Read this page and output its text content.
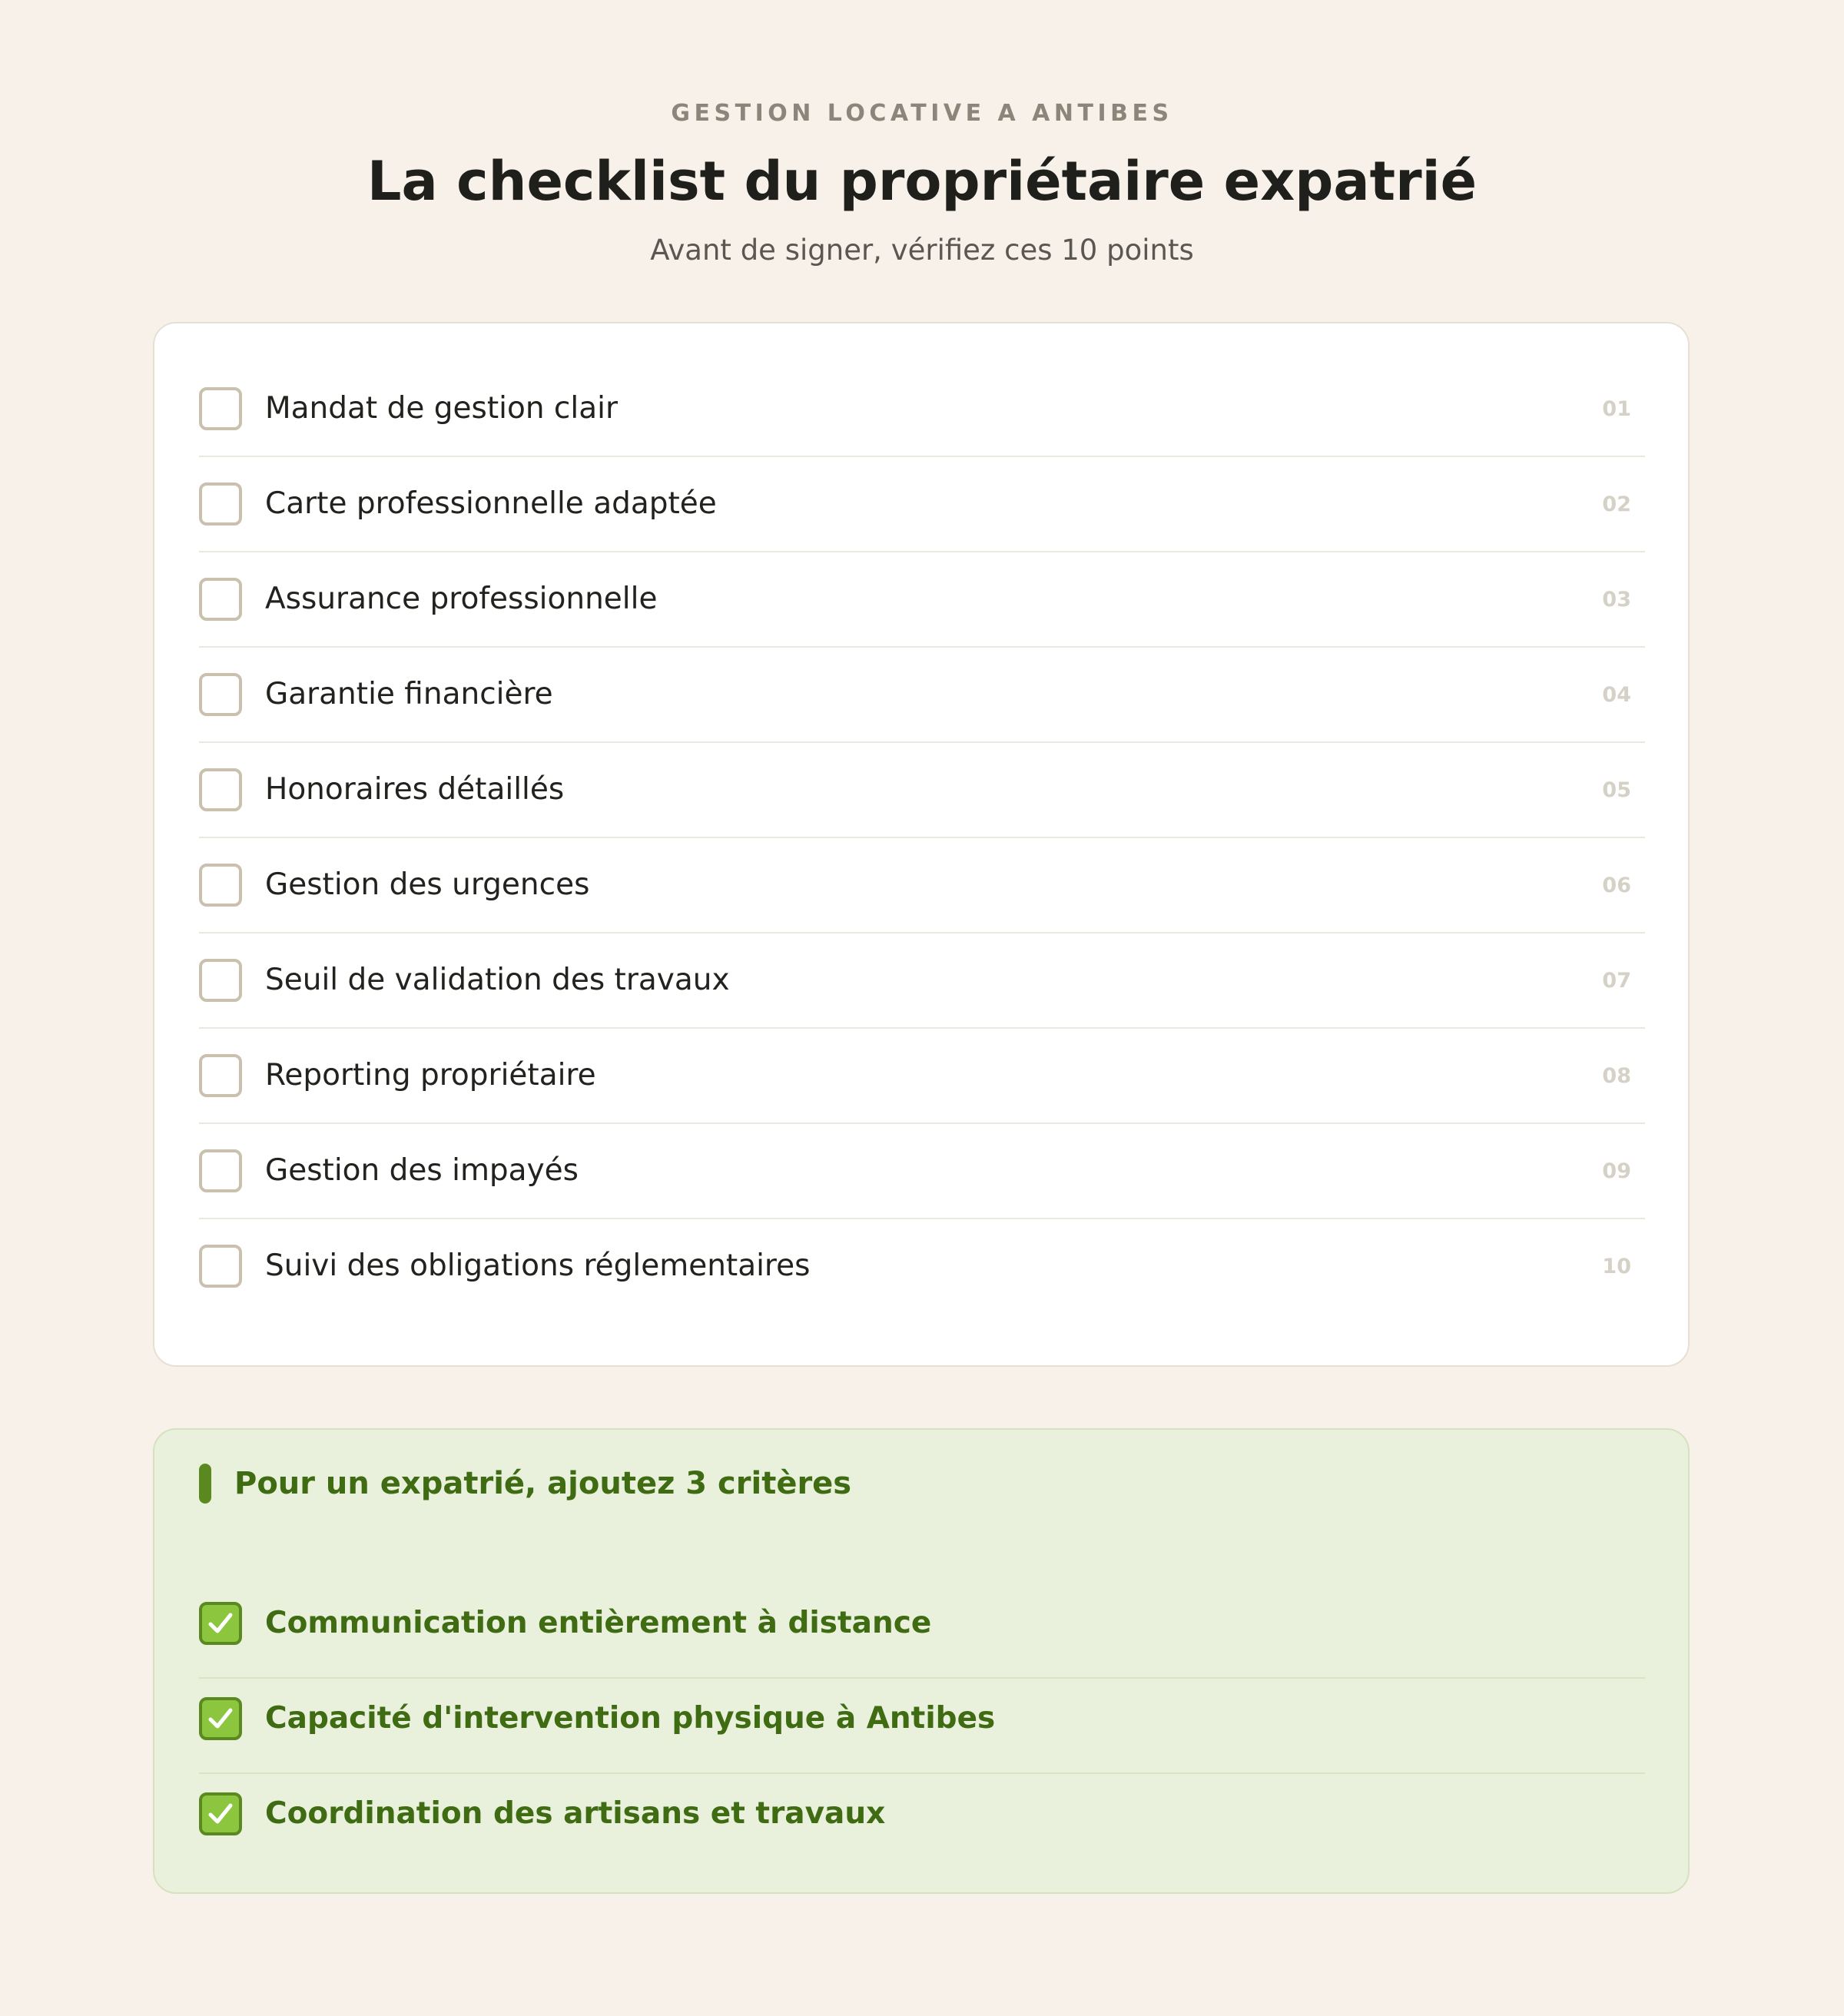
GESTION LOCATIVE A ANTIBES
La checklist du propriétaire expatrié
Avant de signer, vérifiez ces 10 points
Mandat de gestion clair	01
Carte professionnelle adaptée	02
Assurance professionnelle	03
Garantie financière	04
Honoraires détaillés	05
Gestion des urgences	06
Seuil de validation des travaux	07
Reporting propriétaire	08
Gestion des impayés	09
Suivi des obligations réglementaires	10
Pour un expatrié, ajoutez 3 critères
Communication entièrement à distance
Capacité d'intervention physique à Antibes
Coordination des artisans et travaux
